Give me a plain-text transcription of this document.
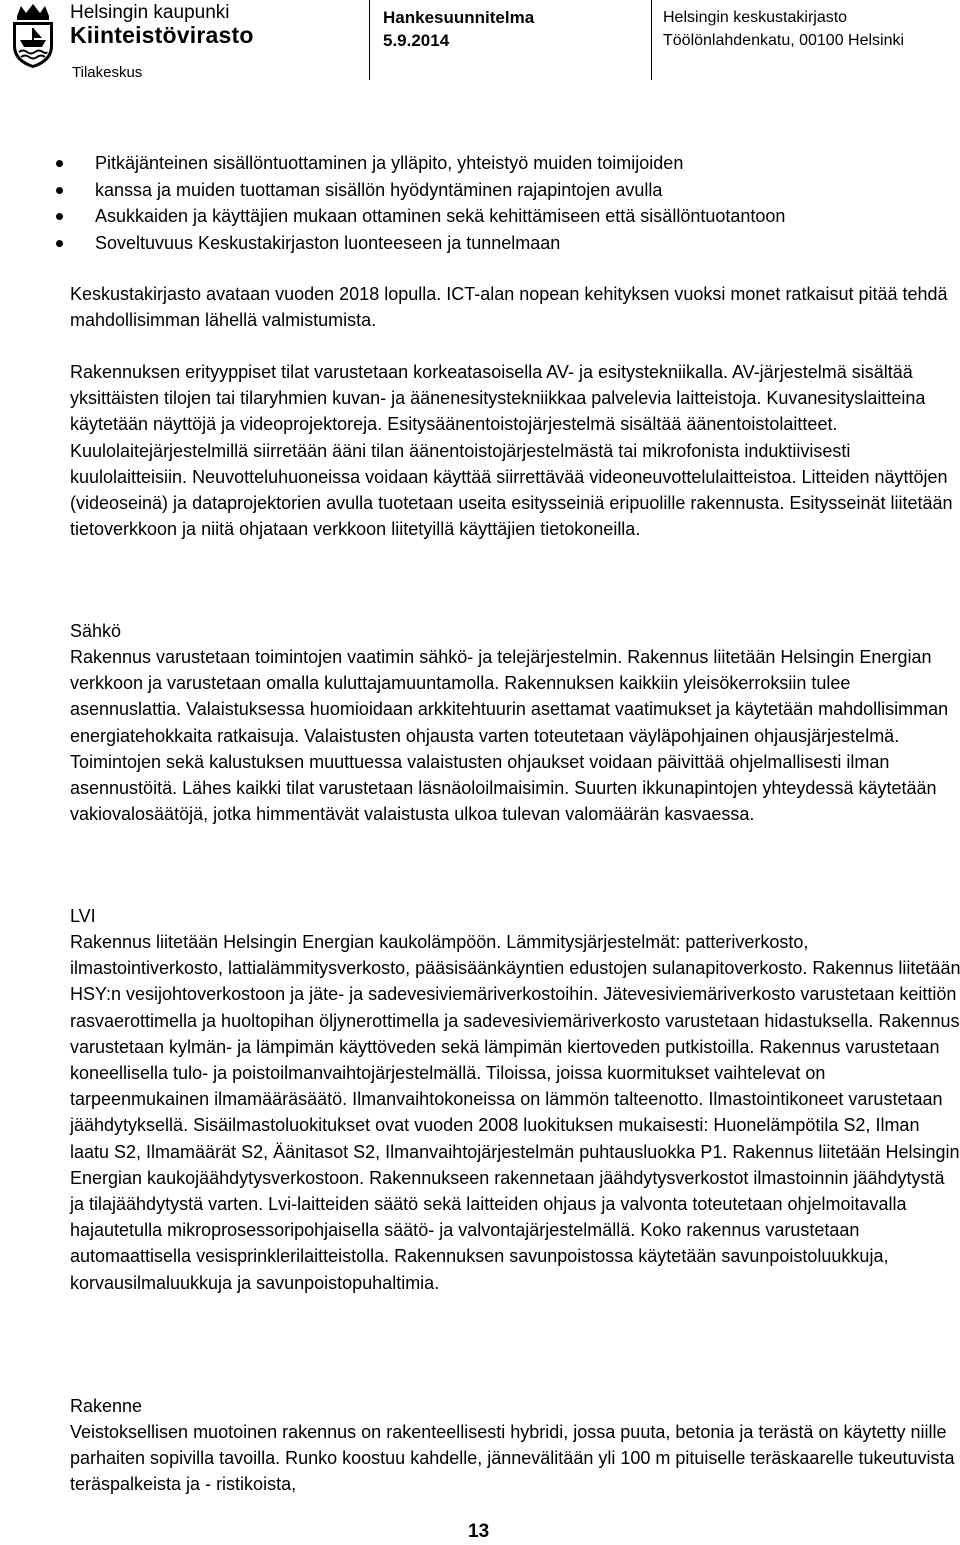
Helsingin kaupunki
Kiinteistövirasto
Tilakeskus
Hankesuunnitelma
5.9.2014
Helsingin keskustakirjasto
Töölönlahdenkatu, 00100 Helsinki
Pitkäjänteinen sisällöntuottaminen ja ylläpito, yhteistyö muiden toimijoiden
kanssa ja muiden tuottaman sisällön hyödyntäminen rajapintojen avulla
Asukkaiden ja käyttäjien mukaan ottaminen sekä kehittämiseen että sisällöntuotantoon
Soveltuvuus Keskustakirjaston luonteeseen ja tunnelmaan

Keskustakirjasto avataan vuoden 2018 lopulla. ICT-alan nopean kehityksen vuoksi monet ratkaisut pitää tehdä mahdollisimman lähellä valmistumista.

Rakennuksen erityyppiset tilat varustetaan korkeatasoisella AV- ja esitystekniikalla. AV-järjestelmä sisältää yksittäisten tilojen tai tilaryhmien kuvan- ja äänenesitystekniikkaa palvelevia laitteistoja. Kuvanesityslaitteina käytetään näyttöjä ja videoprojektoreja. Esitysäänentoistojärjestelmä sisältää äänentoistolaitteet. Kuulolaitejärjestelmillä siirretään ääni tilan äänentoistojärjestelmästä tai mikrofonista induktiivisesti kuulolaitteisiin. Neuvotteluhuoneissa voidaan käyttää siirrettävää videoneuvottelulaitteistoa. Litteiden näyttöjen (videoseinä) ja dataprojektorien avulla tuotetaan useita esitysseiniä eripuolille rakennusta. Esitysseinät liitetään tietoverkkoon ja niitä ohjataan verkkoon liitetyillä käyttäjien tietokoneilla.

Sähkö

Rakennus varustetaan toimintojen vaatimin sähkö- ja telejärjestelmin. Rakennus liitetään Helsingin Energian verkkoon ja varustetaan omalla kuluttajamuuntamolla. Rakennuksen kaikkiin yleisökerroksiin tulee asennuslattia. Valaistuksessa huomioidaan arkkitehtuurin asettamat vaatimukset ja käytetään mahdollisimman energiatehokkaita ratkaisuja. Valaistusten ohjausta varten toteutetaan väyläpohjainen ohjausjärjestelmä. Toimintojen sekä kalustuksen muuttuessa valaistusten ohjaukset voidaan päivittää ohjelmallisesti ilman asennustöitä. Lähes kaikki tilat varustetaan läsnäoloilmaisimin. Suurten ikkunapintojen yhteydessä käytetään vakiovalosäätöjä, jotka himmentävät valaistusta ulkoa tulevan valomäärän kasvaessa.

LVI

Rakennus liitetään Helsingin Energian kaukolämpöön. Lämmitysjärjestelmät: patteriverkosto, ilmastointiverkosto, lattialämmitysverkosto, pääsisäänkäyntien edustojen sulanapitoverkosto. Rakennus liitetään HSY:n vesijohtoverkostoon ja jäte- ja sadevesiviemäriverkostoihin. Jätevesiviemäriverkosto varustetaan keittiön rasvaerottimella ja huoltopihan öljynerottimella ja sadevesiviemäriverkosto varustetaan hidastuksella. Rakennus varustetaan kylmän- ja lämpimän käyttöveden sekä lämpimän kiertoveden putkistoilla. Rakennus varustetaan koneellisella tulo- ja poistoilmanvaihtojärjestelmällä. Tiloissa, joissa kuormitukset vaihtelevat on tarpeenmukainen ilmamääräsäätö. Ilmanvaihtokoneissa on lämmön talteenotto. Ilmastointikoneet varustetaan jäähdytyksellä. Sisäilmastoluokitukset ovat vuoden 2008 luokituksen mukaisesti: Huonelämpötila S2, Ilman laatu S2, Ilmamäärät S2, Äänitasot S2, Ilmanvaihtojärjestelmän puhtausluokka P1. Rakennus liitetään Helsingin Energian kaukojäähdytysverkostoon. Rakennukseen rakennetaan jäähdytysverkostot ilmastoinnin jäähdytystä ja tilajäähdytystä varten. Lvi-laitteiden säätö sekä laitteiden ohjaus ja valvonta toteutetaan ohjelmoitavalla hajautetulla mikroprosessoripohjaisella säätö- ja valvontajärjestelmällä. Koko rakennus varustetaan automaattisella vesisprinklerilaitteistolla. Rakennuksen savunpoistossa käytetään savunpoistoluukkuja, korvausilmaluukkuja ja savunpoistopuhaltimia.

Rakenne

Veistoksellisen muotoinen rakennus on rakenteellisesti hybridi, jossa puuta, betonia ja terästä on käytetty niille parhaiten sopivilla tavoilla. Runko koostuu kahdelle, jännevälitään yli 100 m pituiselle teräskaarelle tukeutuvista teräspalkeista ja - ristikoista,

13
